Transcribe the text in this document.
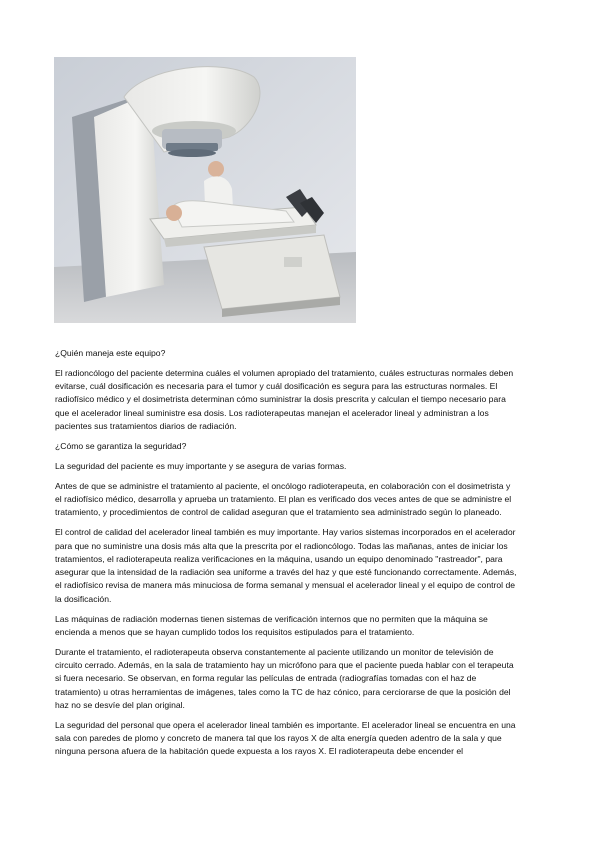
¿Quién maneja este equipo?

El radioncólogo del paciente determina cuáles el volumen apropiado del tratamiento, cuáles estructuras normales deben evitarse, cuál dosificación es necesaria para el tumor y cuál dosificación es segura para las estructuras normales. El radiofísico médico y el dosimetrista determinan cómo suministrar la dosis prescrita y calculan el tiempo necesario para que el acelerador lineal suministre esa dosis. Los radioterapeutas manejan el acelerador lineal y administran a los pacientes sus tratamientos diarios de radiación.

¿Cómo se garantiza la seguridad?

La seguridad del paciente es muy importante y se asegura de varias formas.

Antes de que se administre el tratamiento al paciente, el oncólogo radioterapeuta, en colaboración con el dosimetrista y el radiofísico médico, desarrolla y aprueba un tratamiento. El plan es verificado dos veces antes de que se administre el tratamiento, y procedimientos de control de calidad aseguran que el tratamiento sea administrado según lo planeado.

El control de calidad del acelerador lineal también es muy importante. Hay varios sistemas incorporados en el acelerador para que no suministre una dosis más alta que la prescrita por el radioncólogo. Todas las mañanas, antes de iniciar los tratamientos, el radioterapeuta realiza verificaciones en la máquina, usando un equipo denominado "rastreador", para asegurar que la intensidad de la radiación sea uniforme a través del haz y que esté funcionando correctamente. Además, el radiofísico revisa de manera más minuciosa de forma semanal y mensual el acelerador lineal y el equipo de control de la dosificación.

Las máquinas de radiación modernas tienen sistemas de verificación internos que no permiten que la máquina se encienda a menos que se hayan cumplido todos los requisitos estipulados para el tratamiento.

Durante el tratamiento, el radioterapeuta observa constantemente al paciente utilizando un monitor de televisión de circuito cerrado. Además, en la sala de tratamiento hay un micrófono para que el paciente pueda hablar con el terapeuta si fuera necesario. Se observan, en forma regular las películas de entrada (radiografías tomadas con el haz de tratamiento) u otras herramientas de imágenes, tales como la TC de haz cónico, para cerciorarse de que la posición del haz no se desvíe del plan original.

La seguridad del personal que opera el acelerador lineal también es importante. El acelerador lineal se encuentra en una sala con paredes de plomo y concreto de manera tal que los rayos X de alta energía queden adentro de la sala y que ninguna persona afuera de la habitación quede expuesta a los rayos X. El radioterapeuta debe encender el
